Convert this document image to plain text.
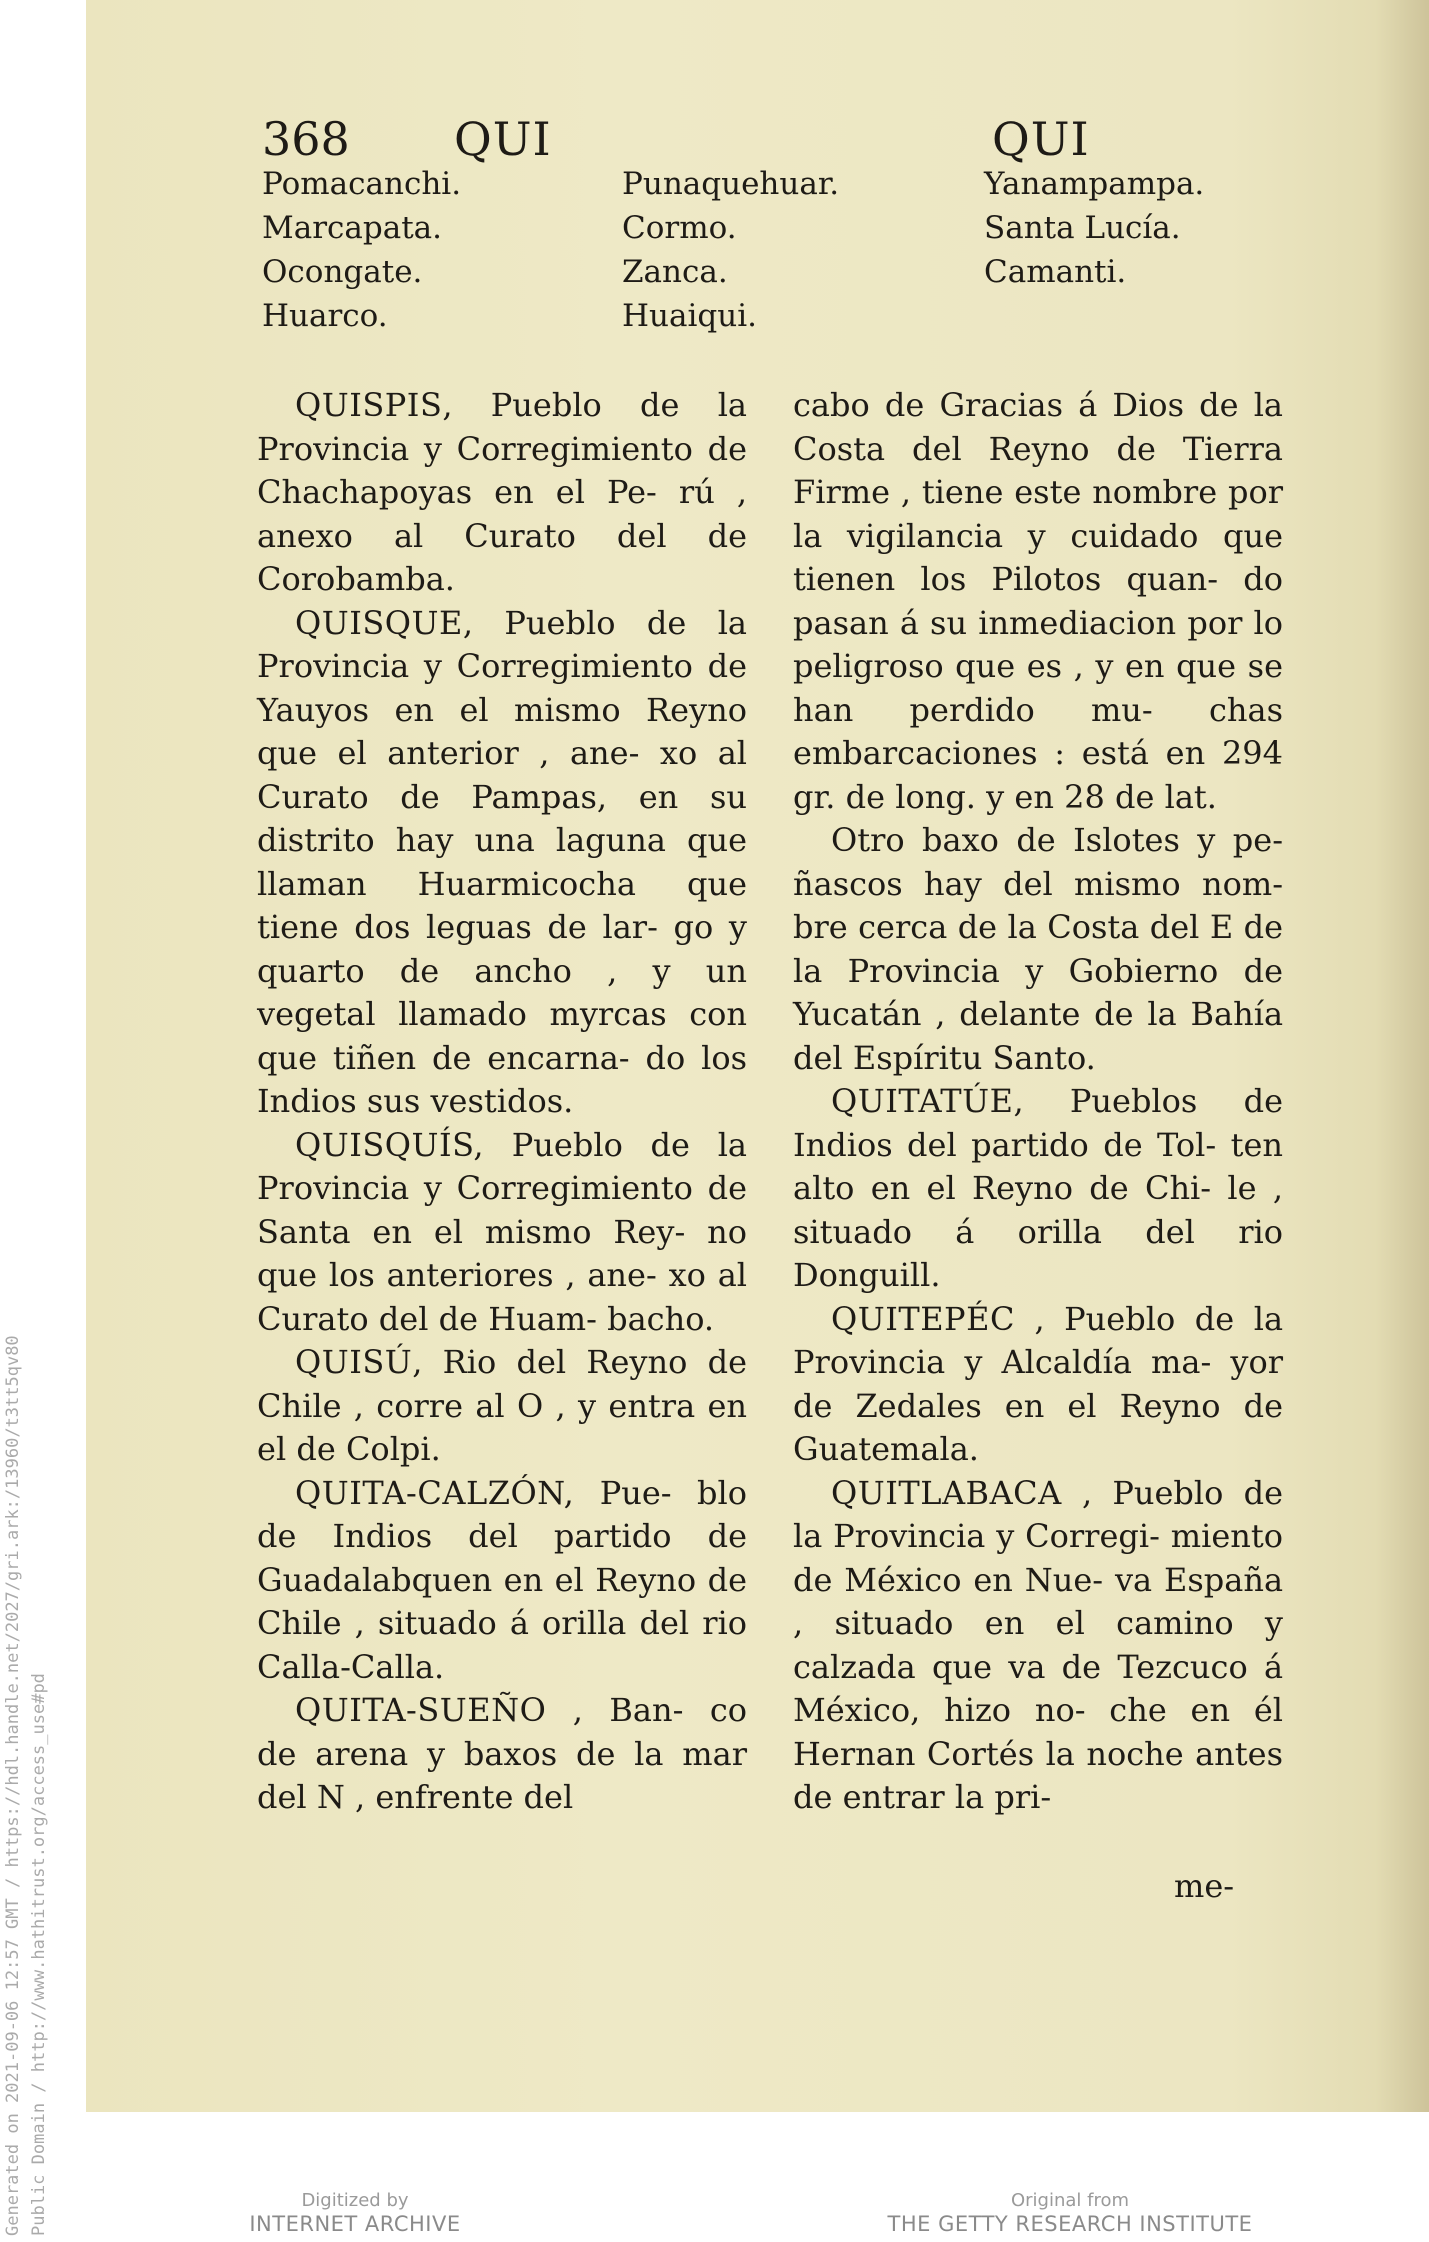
Generated on 2021-09-06 12:57 GMT / https://hdl.handle.net/2027/gri.ark:/13960/t3tt5qv80 Public Domain / http://www.hathitrust.org/access_use#pd
368 QUI	QUI
Pomacanchi.
Marcapata.
Ocongate.
Huarco.
Punaquehuar.
Cormo.
Zanca.
Huaiqui.
Yanampampa.
Santa Lucía.
Camanti.

QUISPIS, Pueblo de la Provincia y Corregimiento de Chachapoyas en el Pe- rú , anexo al Curato del de Corobamba.

QUISQUE, Pueblo de la Provincia y Corregimiento de Yauyos en el mismo Reyno que el anterior , ane- xo al Curato de Pampas, en su distrito hay una laguna que llaman Huarmicocha que tiene dos leguas de lar- go y quarto de ancho , y un vegetal llamado myrcas con que tiñen de encarna- do los Indios sus vestidos.

QUISQUÍS, Pueblo de la Provincia y Corregimiento de Santa en el mismo Rey- no que los anteriores , ane- xo al Curato del de Huam- bacho.

QUISÚ, Rio del Reyno de Chile , corre al O , y entra en el de Colpi.

QUITA-CALZÓN, Pue- blo de Indios del partido de Guadalabquen en el Reyno de Chile , situado á orilla del rio Calla-Calla.

QUITA-SUEÑO , Ban- co de arena y baxos de la mar del N , enfrente del

cabo de Gracias á Dios de la Costa del Reyno de Tierra Firme , tiene este nombre por la vigilancia y cuidado que tienen los Pilotos quan- do pasan á su inmediacion por lo peligroso que es , y en que se han perdido mu- chas embarcaciones : está en 294 gr. de long. y en 28 de lat.

Otro baxo de Islotes y pe- ñascos hay del mismo nom- bre cerca de la Costa del E de la Provincia y Gobierno de Yucatán , delante de la Bahía del Espíritu Santo.

QUITATÚE, Pueblos de Indios del partido de Tol- ten alto en el Reyno de Chi- le , situado á orilla del rio Donguill.

QUITEPÉC , Pueblo de la Provincia y Alcaldía ma- yor de Zedales en el Reyno de Guatemala.

QUITLABACA , Pueblo de la Provincia y Corregi- miento de México en Nue- va España , situado en el camino y calzada que va de Tezcuco á México, hizo no- che en él Hernan Cortés la noche antes de entrar la pri-

me-
Digitized by
INTERNET ARCHIVE
Original from
THE GETTY RESEARCH INSTITUTE
